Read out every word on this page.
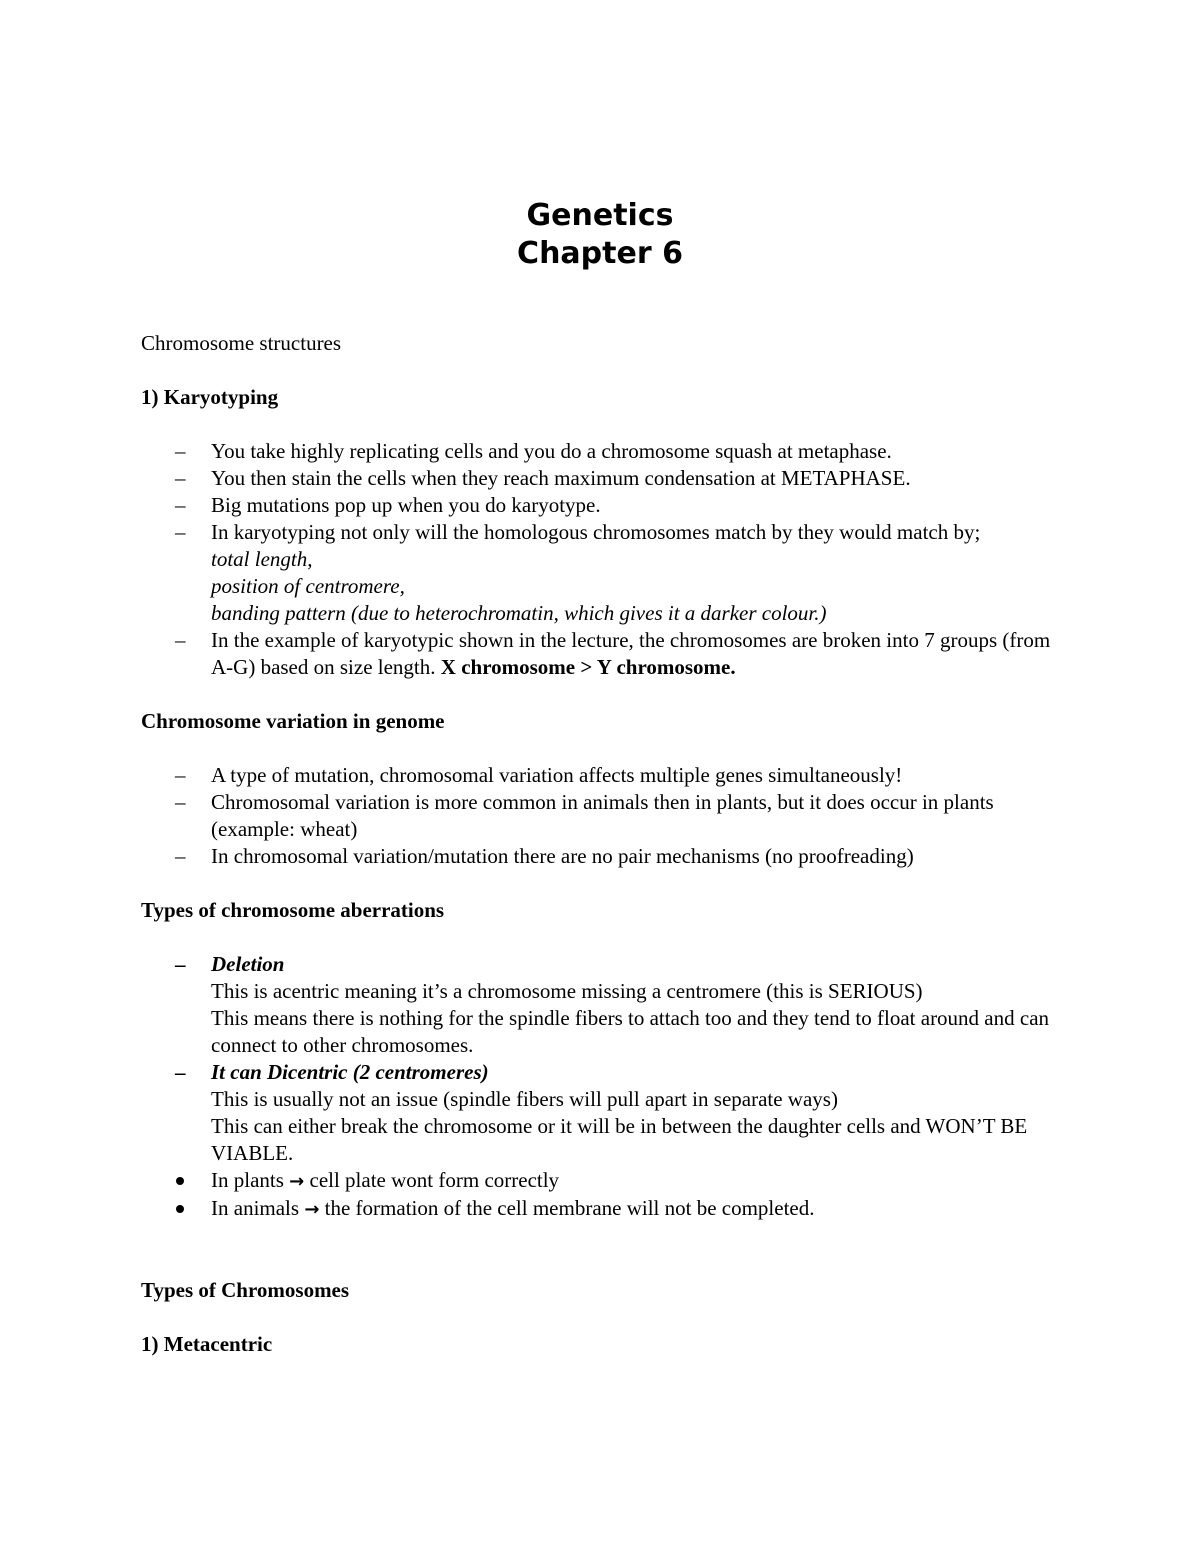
Genetics
Chapter 6

Chromosome structures

1) Karyotyping

– You take highly replicating cells and you do a chromosome squash at metaphase.
– You then stain the cells when they reach maximum condensation at METAPHASE.
– Big mutations pop up when you do karyotype.
– In karyotyping not only will the homologous chromosomes match by they would match by;
total length,
position of centromere,
banding pattern (due to heterochromatin, which gives it a darker colour.)
– In the example of karyotypic shown in the lecture, the chromosomes are broken into 7 groups (from A-G) based on size length. X chromosome > Y chromosome.

Chromosome variation in genome

– A type of mutation, chromosomal variation affects multiple genes simultaneously!
– Chromosomal variation is more common in animals then in plants, but it does occur in plants (example: wheat)
– In chromosomal variation/mutation there are no pair mechanisms (no proofreading)

Types of chromosome aberrations

– Deletion
This is acentric meaning it’s a chromosome missing a centromere (this is SERIOUS)
This means there is nothing for the spindle fibers to attach too and they tend to float around and can connect to other chromosomes.
– It can Dicentric (2 centromeres)
This is usually not an issue (spindle fibers will pull apart in separate ways)
This can either break the chromosome or it will be in between the daughter cells and WON’T BE VIABLE.
In plants → cell plate wont form correctly
In animals → the formation of the cell membrane will not be completed.

Types of Chromosomes

1) Metacentric
